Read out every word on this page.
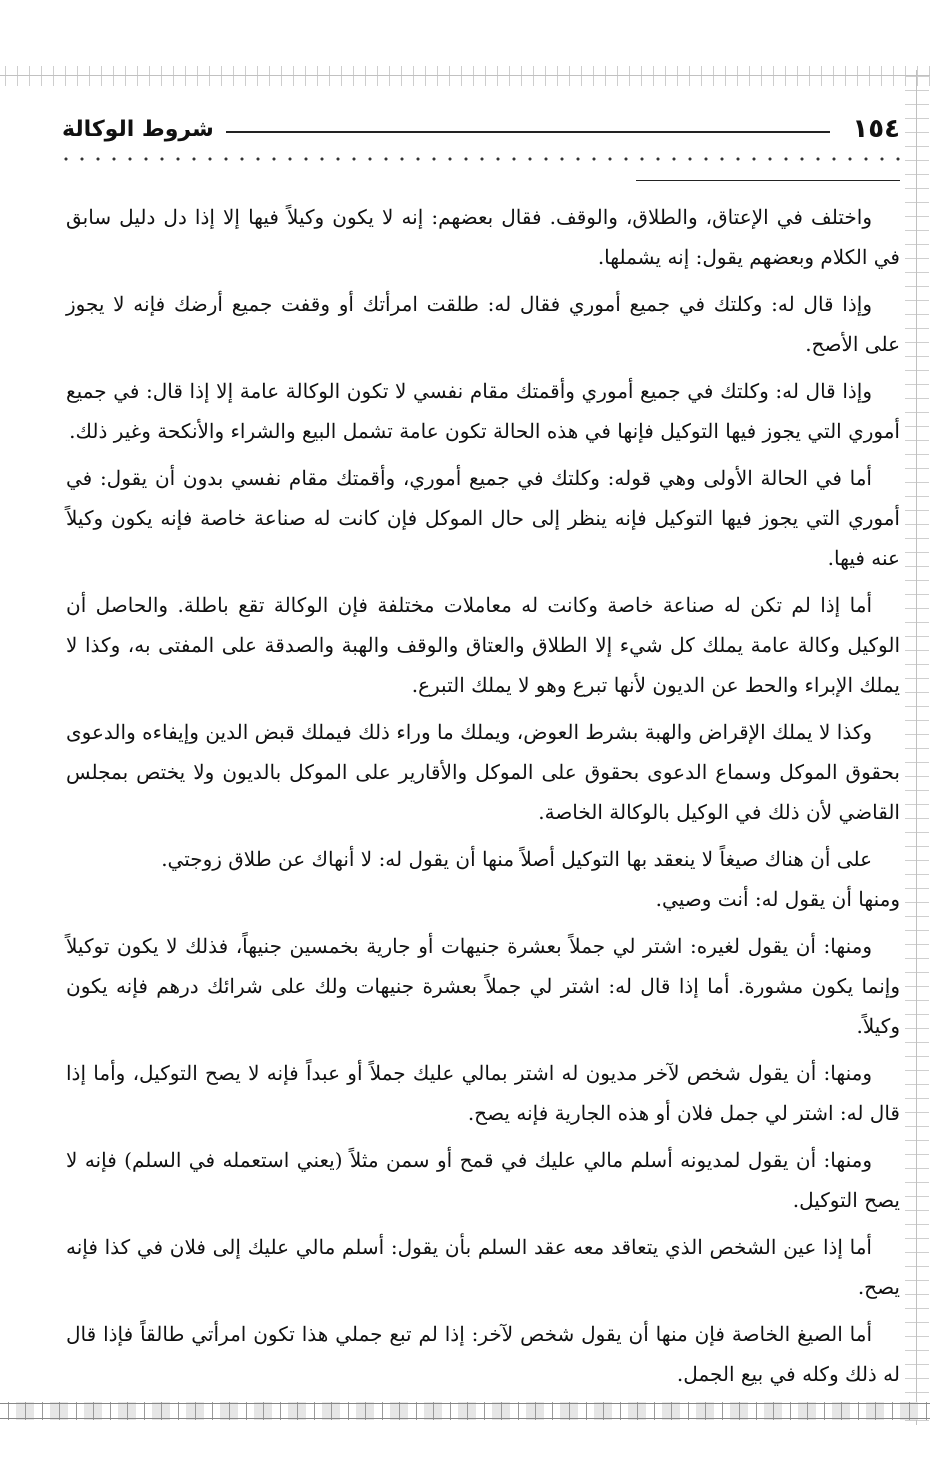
١٥٤
شروط الوكالة

واختلف في الإعتاق، والطلاق، والوقف. فقال بعضهم: إنه لا يكون وكيلاً فيها إلا إذا دل دليل سابق في الكلام وبعضهم يقول: إنه يشملها.

وإذا قال له: وكلتك في جميع أموري فقال له: طلقت امرأتك أو وقفت جميع أرضك فإنه لا يجوز على الأصح.

وإذا قال له: وكلتك في جميع أموري وأقمتك مقام نفسي لا تكون الوكالة عامة إلا إذا قال: في جميع أموري التي يجوز فيها التوكيل فإنها في هذه الحالة تكون عامة تشمل البيع والشراء والأنكحة وغير ذلك.

أما في الحالة الأولى وهي قوله: وكلتك في جميع أموري، وأقمتك مقام نفسي بدون أن يقول: في أموري التي يجوز فيها التوكيل فإنه ينظر إلى حال الموكل فإن كانت له صناعة خاصة فإنه يكون وكيلاً عنه فيها.

أما إذا لم تكن له صناعة خاصة وكانت له معاملات مختلفة فإن الوكالة تقع باطلة. والحاصل أن الوكيل وكالة عامة يملك كل شيء إلا الطلاق والعتاق والوقف والهبة والصدقة على المفتى به، وكذا لا يملك الإبراء والحط عن الديون لأنها تبرع وهو لا يملك التبرع.

وكذا لا يملك الإقراض والهبة بشرط العوض، ويملك ما وراء ذلك فيملك قبض الدين وإيفاءه والدعوى بحقوق الموكل وسماع الدعوى بحقوق على الموكل والأقارير على الموكل بالديون ولا يختص بمجلس القاضي لأن ذلك في الوكيل بالوكالة الخاصة.

على أن هناك صيغاً لا ينعقد بها التوكيل أصلاً منها أن يقول له: لا أنهاك عن طلاق زوجتي.

ومنها أن يقول له: أنت وصيي.

ومنها: أن يقول لغيره: اشتر لي جملاً بعشرة جنيهات أو جارية بخمسين جنيهاً، فذلك لا يكون توكيلاً وإنما يكون مشورة. أما إذا قال له: اشتر لي جملاً بعشرة جنيهات ولك على شرائك درهم فإنه يكون وكيلاً.

ومنها: أن يقول شخص لآخر مديون له اشتر بمالي عليك جملاً أو عبداً فإنه لا يصح التوكيل، وأما إذا قال له: اشتر لي جمل فلان أو هذه الجارية فإنه يصح.

ومنها: أن يقول لمديونه أسلم مالي عليك في قمح أو سمن مثلاً (يعني استعمله في السلم) فإنه لا يصح التوكيل.

أما إذا عين الشخص الذي يتعاقد معه عقد السلم بأن يقول: أسلم مالي عليك إلى فلان في كذا فإنه يصح.

أما الصيغ الخاصة فإن منها أن يقول شخص لآخر: إذا لم تبع جملي هذا تكون امرأتي طالقاً فإذا قال له ذلك وكله في بيع الجمل.
